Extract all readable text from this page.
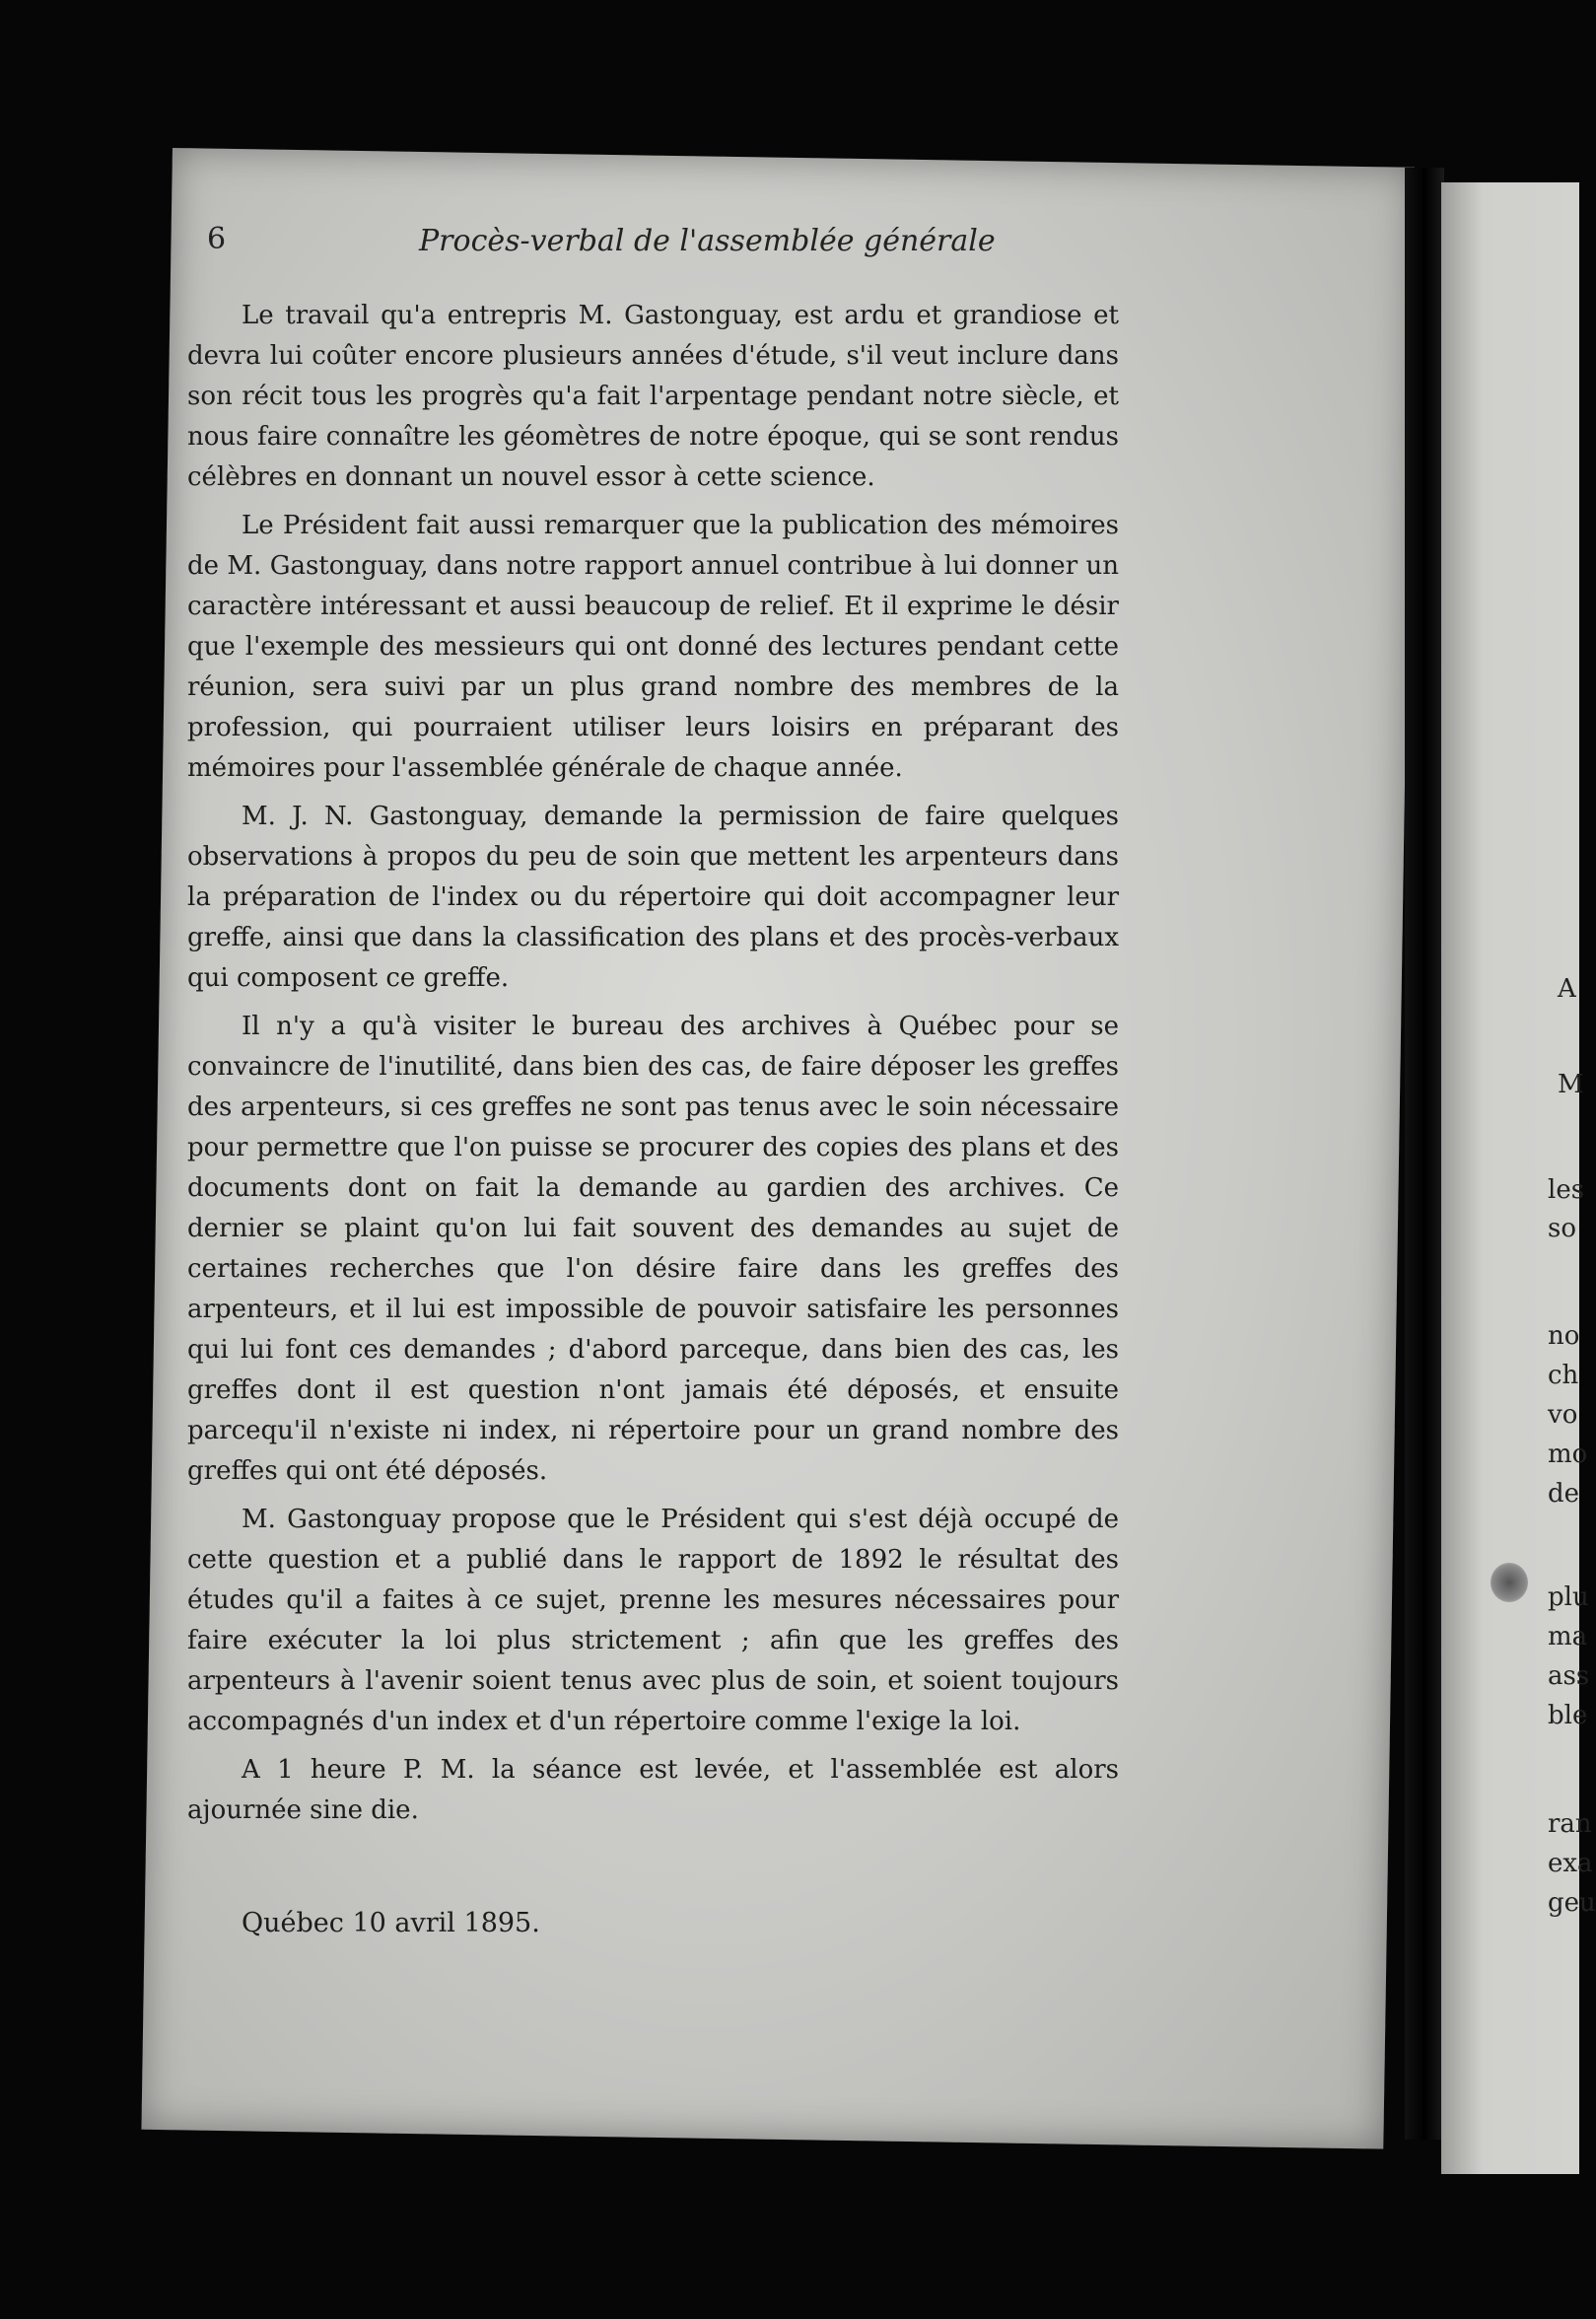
A
M
les
so
no
ch
vo
mo
de
plu
ma
ass
ble
ran
exa
geu
6	Procès-verbal de l'assemblée générale

Le travail qu'a entrepris M. Gastonguay, est ardu et grandiose et devra lui coûter encore plusieurs années d'étude, s'il veut inclure dans son récit tous les progrès qu'a fait l'arpentage pendant notre siècle, et nous faire connaître les géomètres de notre époque, qui se sont rendus célèbres en donnant un nouvel essor à cette science.

Le Président fait aussi remarquer que la publication des mémoires de M. Gastonguay, dans notre rapport annuel contribue à lui donner un caractère intéressant et aussi beaucoup de relief. Et il exprime le désir que l'exemple des messieurs qui ont donné des lectures pendant cette réunion, sera suivi par un plus grand nombre des membres de la profession, qui pourraient utiliser leurs loisirs en préparant des mémoires pour l'assemblée générale de chaque année.

M. J. N. Gastonguay, demande la permission de faire quelques observations à propos du peu de soin que mettent les arpenteurs dans la préparation de l'index ou du répertoire qui doit accompagner leur greffe, ainsi que dans la classification des plans et des procès-verbaux qui composent ce greffe.

Il n'y a qu'à visiter le bureau des archives à Québec pour se convaincre de l'inutilité, dans bien des cas, de faire déposer les greffes des arpenteurs, si ces greffes ne sont pas tenus avec le soin nécessaire pour permettre que l'on puisse se procurer des copies des plans et des documents dont on fait la demande au gardien des archives. Ce dernier se plaint qu'on lui fait souvent des demandes au sujet de certaines recherches que l'on désire faire dans les greffes des arpenteurs, et il lui est impossible de pouvoir satisfaire les personnes qui lui font ces demandes ; d'abord parceque, dans bien des cas, les greffes dont il est question n'ont jamais été déposés, et ensuite parcequ'il n'existe ni index, ni répertoire pour un grand nombre des greffes qui ont été déposés.

M. Gastonguay propose que le Président qui s'est déjà occupé de cette question et a publié dans le rapport de 1892 le résultat des études qu'il a faites à ce sujet, prenne les mesures nécessaires pour faire exécuter la loi plus strictement ; afin que les greffes des arpenteurs à l'avenir soient tenus avec plus de soin, et soient toujours accompagnés d'un index et d'un répertoire comme l'exige la loi.

A 1 heure P. M. la séance est levée, et l'assemblée est alors ajournée sine die.

Québec 10 avril 1895.
